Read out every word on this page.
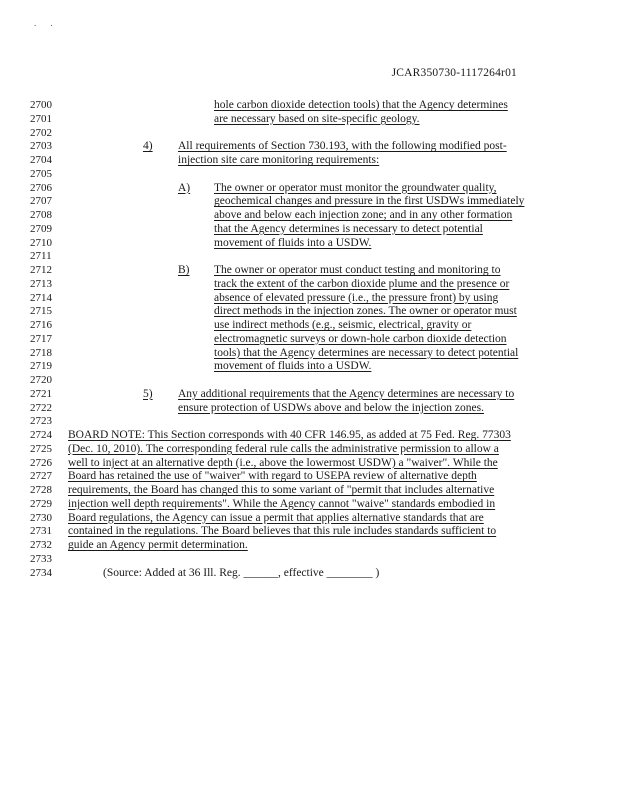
. .
JCAR350730-1117264r01
2700	hole carbon dioxide detection tools) that the Agency determines
2701	are necessary based on site-specific geology.
2702
2703	4) All requirements of Section 730.193, with the following modified post-
2704	injection site care monitoring requirements:
2705
2706	A) The owner or operator must monitor the groundwater quality,
2707	geochemical changes and pressure in the first USDWs immediately
2708	above and below each injection zone; and in any other formation
2709	that the Agency determines is necessary to detect potential
2710	movement of fluids into a USDW.
2711
2712	B) The owner or operator must conduct testing and monitoring to
2713	track the extent of the carbon dioxide plume and the presence or
2714	absence of elevated pressure (i.e., the pressure front) by using
2715	direct methods in the injection zones. The owner or operator must
2716	use indirect methods (e.g., seismic, electrical, gravity or
2717	electromagnetic surveys or down-hole carbon dioxide detection
2718	tools) that the Agency determines are necessary to detect potential
2719	movement of fluids into a USDW.
2720
2721	5) Any additional requirements that the Agency determines are necessary to
2722	ensure protection of USDWs above and below the injection zones.
2723
2724	BOARD NOTE: This Section corresponds with 40 CFR 146.95, as added at 75 Fed. Reg. 77303
2725	(Dec. 10, 2010). The corresponding federal rule calls the administrative permission to allow a
2726	well to inject at an alternative depth (i.e., above the lowermost USDW) a "waiver". While the
2727	Board has retained the use of "waiver" with regard to USEPA review of alternative depth
2728	requirements, the Board has changed this to some variant of "permit that includes alternative
2729	injection well depth requirements". While the Agency cannot "waive" standards embodied in
2730	Board regulations, the Agency can issue a permit that applies alternative standards that are
2731	contained in the regulations. The Board believes that this rule includes standards sufficient to
2732	guide an Agency permit determination.
2733
2734	(Source: Added at 36 Ill. Reg. ______, effective ________ )
